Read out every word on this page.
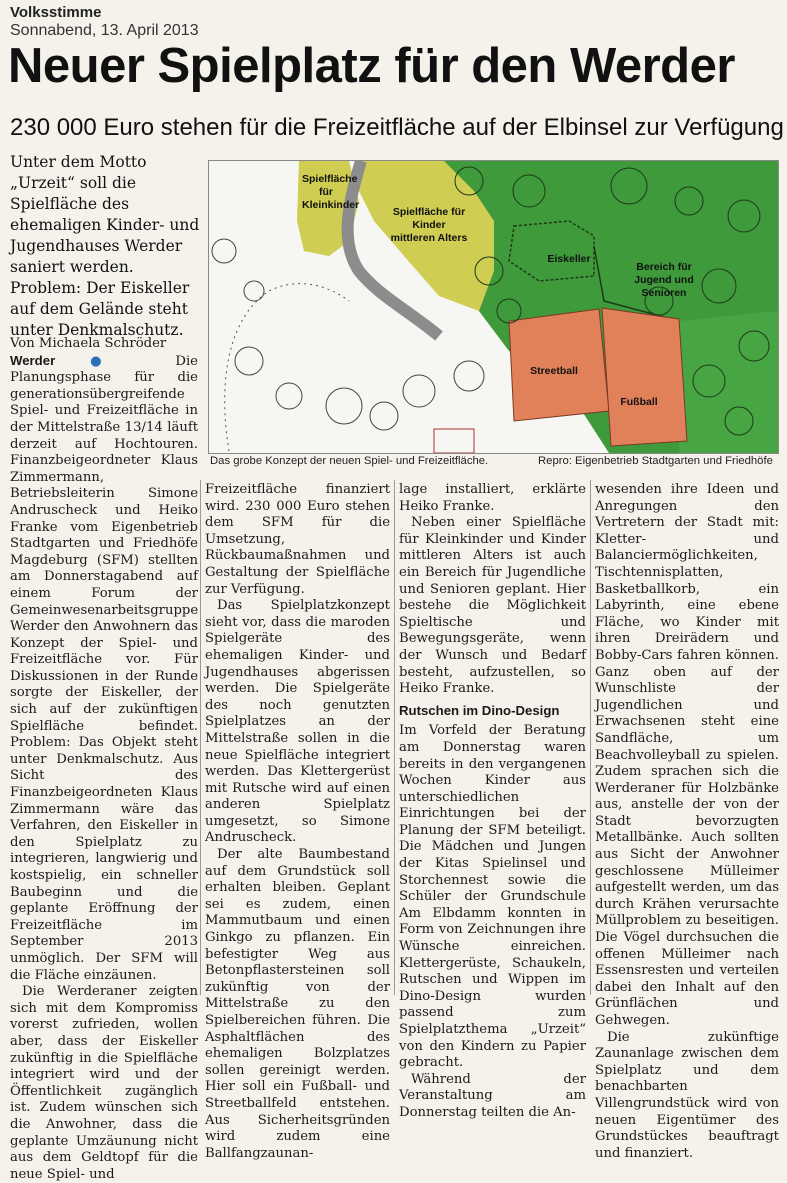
Volksstimme
Sonnabend, 13. April 2013
Neuer Spielplatz für den Werder
230 000 Euro stehen für die Freizeitfläche auf der Elbinsel zur Verfügung
Unter dem Motto „Urzeit“ soll die Spielfläche des ehemaligen Kinder- und Jugendhauses Werder saniert werden. Problem: Der Eiskeller auf dem Gelände steht unter Denkmalschutz.
Spielfläche für Kleinkinder
Spielfläche für Kinder mittleren Alters
Eiskeller
Bereich für Jugend und Senioren
Streetball
Fußball
Das grobe Konzept der neuen Spiel- und Freizeitfläche.	Repro: Eigenbetrieb Stadtgarten und Friedhöfe
Von Michaela Schröder

Werder●	Die Planungsphase für die generationsübergreifende Spiel- und Freizeitfläche in der Mittelstraße 13/14 läuft derzeit auf Hochtouren. Finanzbeigeordneter Klaus Zimmermann, Betriebsleiterin Simone Andruscheck und Heiko Franke vom Eigenbetrieb Stadtgarten und Friedhöfe Magdeburg (SFM) stellten am Donnerstagabend auf einem Forum der Gemeinwesenarbeitsgruppe Werder den Anwohnern das Konzept der Spiel- und Freizeitfläche vor. Für Diskussionen in der Runde sorgte der Eiskeller, der sich auf der zukünftigen Spielfläche befindet. Problem: Das Objekt steht unter Denkmalschutz. Aus Sicht des Finanzbeigeordneten Klaus Zimmermann wäre das Verfahren, den Eiskeller in den Spielplatz zu integrieren, langwierig und kostspielig, ein schneller Baubeginn und die geplante Eröffnung der Freizeitfläche im September 2013 unmöglich. Der SFM will die Fläche einzäunen.

Die Werderaner zeigten sich mit dem Kompromiss vorerst zufrieden, wollen aber, dass der Eiskeller zukünftig in die Spielfläche integriert wird und der Öffentlichkeit zugänglich ist. Zudem wünschen sich die Anwohner, dass die geplante Umzäunung nicht aus dem Geldtopf für die neue Spiel- und

Freizeitfläche finanziert wird. 230 000 Euro stehen dem SFM für die Umsetzung, Rückbaumaßnahmen und Gestaltung der Spielfläche zur Verfügung.

Das Spielplatzkonzept sieht vor, dass die maroden Spielgeräte des ehemaligen Kinder- und Jugendhauses abgerissen werden. Die Spielgeräte des noch genutzten Spielplatzes an der Mittelstraße sollen in die neue Spielfläche integriert werden. Das Klettergerüst mit Rutsche wird auf einen anderen Spielplatz umgesetzt, so Simone Andruscheck.

Der alte Baumbestand auf dem Grundstück soll erhalten bleiben. Geplant sei es zudem, einen Mammutbaum und einen Ginkgo zu pflanzen. Ein befestigter Weg aus Betonpflastersteinen soll zukünftig von der Mittelstraße zu den Spielbereichen führen. Die Asphaltflächen des ehemaligen Bolzplatzes sollen gereinigt werden. Hier soll ein Fußball- und Streetballfeld entstehen. Aus Sicherheitsgründen wird zudem eine Ballfangzaunan-

lage installiert, erklärte Heiko Franke.

Neben einer Spielfläche für Kleinkinder und Kinder mittleren Alters ist auch ein Bereich für Jugendliche und Senioren geplant. Hier bestehe die Möglichkeit Spieltische und Bewegungsgeräte, wenn der Wunsch und Bedarf besteht, aufzustellen, so Heiko Franke.

Rutschen im Dino-Design

Im Vorfeld der Beratung am Donnerstag waren bereits in den vergangenen Wochen Kinder aus unterschiedlichen Einrichtungen bei der Planung der SFM beteiligt. Die Mädchen und Jungen der Kitas Spielinsel und Storchennest sowie die Schüler der Grundschule Am Elbdamm konnten in Form von Zeichnungen ihre Wünsche einreichen. Klettergerüste, Schaukeln, Rutschen und Wippen im Dino-Design wurden passend zum Spielplatzthema „Urzeit“ von den Kindern zu Papier gebracht.

Während der Veranstaltung am Donnerstag teilten die An-

wesenden ihre Ideen und Anregungen den Vertretern der Stadt mit: Kletter- und Balanciermöglichkeiten, Tischtennisplatten, Basketballkorb, ein Labyrinth, eine ebene Fläche, wo Kinder mit ihren Dreirädern und Bobby-Cars fahren können. Ganz oben auf der Wunschliste der Jugendlichen und Erwachsenen steht eine Sandfläche, um Beachvolleyball zu spielen. Zudem sprachen sich die Werderaner für Holzbänke aus, anstelle der von der Stadt bevorzugten Metallbänke. Auch sollten aus Sicht der Anwohner geschlossene Mülleimer aufgestellt werden, um das durch Krähen verursachte Müllproblem zu beseitigen. Die Vögel durchsuchen die offenen Mülleimer nach Essensresten und verteilen dabei den Inhalt auf den Grünflächen und Gehwegen.

Die zukünftige Zaunanlage zwischen dem Spielplatz und dem benachbarten Villengrundstück wird von neuen Eigentümer des Grundstückes beauftragt und finanziert.
